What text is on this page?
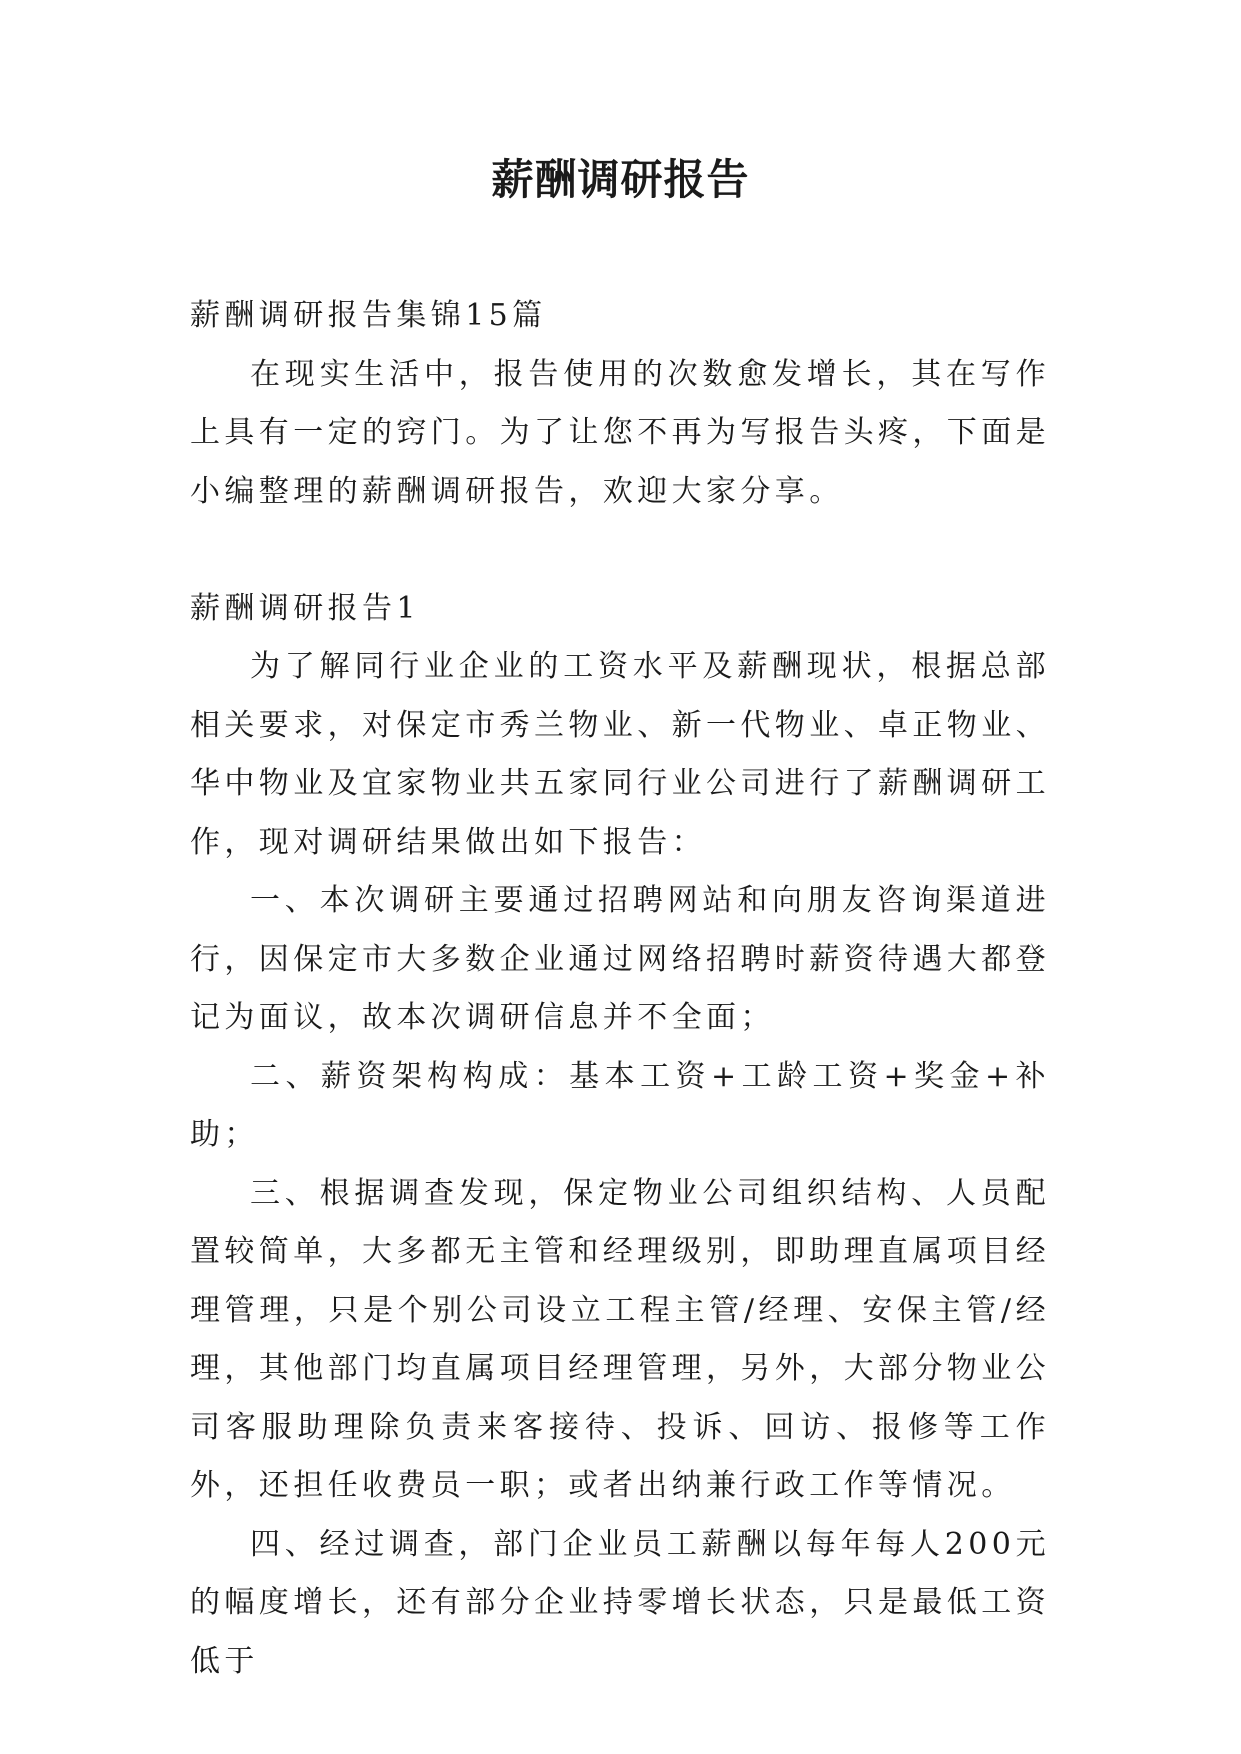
薪酬调研报告

薪酬调研报告集锦15篇

在现实生活中，报告使用的次数愈发增长，其在写作上具有一定的窍门。为了让您不再为写报告头疼，下面是小编整理的薪酬调研报告，欢迎大家分享。

薪酬调研报告1

为了解同行业企业的工资水平及薪酬现状，根据总部相关要求，对保定市秀兰物业、新一代物业、卓正物业、华中物业及宜家物业共五家同行业公司进行了薪酬调研工作，现对调研结果做出如下报告：

一、本次调研主要通过招聘网站和向朋友咨询渠道进行，因保定市大多数企业通过网络招聘时薪资待遇大都登记为面议，故本次调研信息并不全面；

二、薪资架构构成：基本工资+工龄工资+奖金+补助；

三、根据调查发现，保定物业公司组织结构、人员配置较简单，大多都无主管和经理级别，即助理直属项目经理管理，只是个别公司设立工程主管/经理、安保主管/经理，其他部门均直属项目经理管理，另外，大部分物业公司客服助理除负责来客接待、投诉、回访、报修等工作外，还担任收费员一职；或者出纳兼行政工作等情况。

四、经过调查，部门企业员工薪酬以每年每人200元的幅度增长，还有部分企业持零增长状态，只是最低工资低于
